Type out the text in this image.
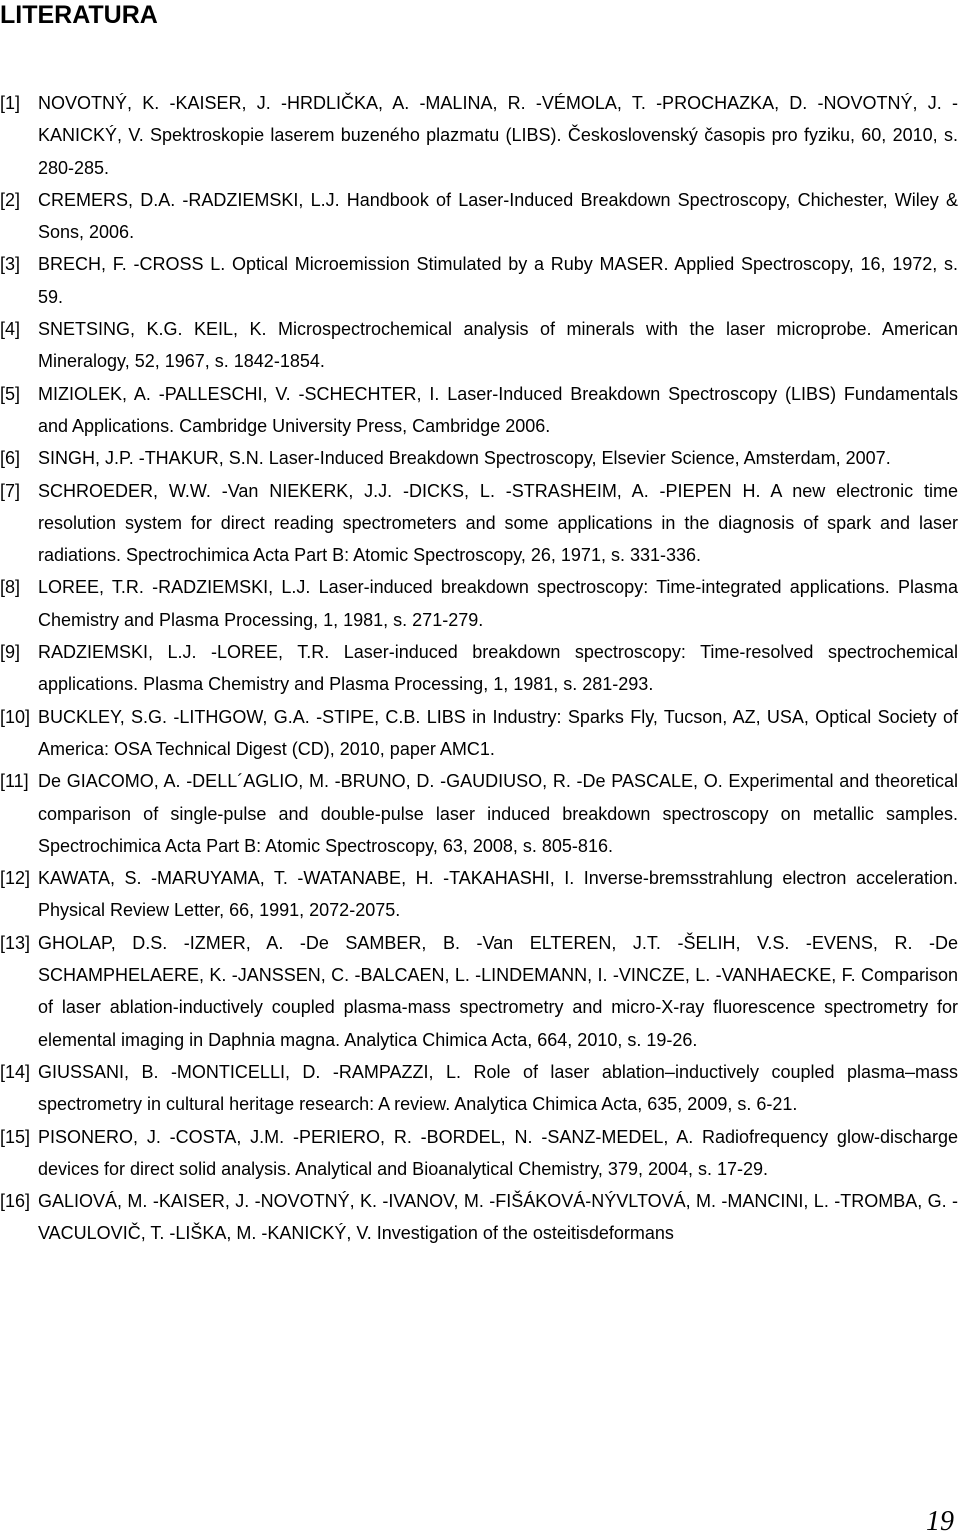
LITERATURA
[1] NOVOTNÝ, K. -KAISER, J. -HRDLIČKA, A. -MALINA, R. -VÉMOLA, T. -PROCHAZKA, D. -NOVOTNÝ, J. -KANICKÝ, V. Spektroskopie laserem buzeného plazmatu (LIBS). Československý časopis pro fyziku, 60, 2010, s. 280-285.
[2] CREMERS, D.A. -RADZIEMSKI, L.J. Handbook of Laser-Induced Breakdown Spectroscopy, Chichester, Wiley & Sons, 2006.
[3] BRECH, F. -CROSS L. Optical Microemission Stimulated by a Ruby MASER. Applied Spectroscopy, 16, 1972, s. 59.
[4] SNETSING, K.G. KEIL, K. Microspectrochemical analysis of minerals with the laser microprobe. American Mineralogy, 52, 1967, s. 1842-1854.
[5] MIZIOLEK, A. -PALLESCHI, V. -SCHECHTER, I. Laser-Induced Breakdown Spectroscopy (LIBS) Fundamentals and Applications. Cambridge University Press, Cambridge 2006.
[6] SINGH, J.P. -THAKUR, S.N. Laser-Induced Breakdown Spectroscopy, Elsevier Science, Amsterdam, 2007.
[7] SCHROEDER, W.W. -Van NIEKERK, J.J. -DICKS, L. -STRASHEIM, A. -PIEPEN H. A new electronic time resolution system for direct reading spectrometers and some applications in the diagnosis of spark and laser radiations. Spectrochimica Acta Part B: Atomic Spectroscopy, 26, 1971, s. 331-336.
[8] LOREE, T.R. -RADZIEMSKI, L.J. Laser-induced breakdown spectroscopy: Time-integrated applications. Plasma Chemistry and Plasma Processing, 1, 1981, s. 271-279.
[9] RADZIEMSKI, L.J. -LOREE, T.R. Laser-induced breakdown spectroscopy: Time-resolved spectrochemical applications. Plasma Chemistry and Plasma Processing, 1, 1981, s. 281-293.
[10] BUCKLEY, S.G. -LITHGOW, G.A. -STIPE, C.B. LIBS in Industry: Sparks Fly, Tucson, AZ, USA, Optical Society of America: OSA Technical Digest (CD), 2010, paper AMC1.
[11] De GIACOMO, A. -DELL´AGLIO, M. -BRUNO, D. -GAUDIUSO, R. -De PASCALE, O. Experimental and theoretical comparison of single-pulse and double-pulse laser induced breakdown spectroscopy on metallic samples. Spectrochimica Acta Part B: Atomic Spectroscopy, 63, 2008, s. 805-816.
[12] KAWATA, S. -MARUYAMA, T. -WATANABE, H. -TAKAHASHI, I. Inverse-bremsstrahlung electron acceleration. Physical Review Letter, 66, 1991, 2072-2075.
[13] GHOLAP, D.S. -IZMER, A. -De SAMBER, B. -Van ELTEREN, J.T. -ŠELIH, V.S. -EVENS, R. -De SCHAMPHELAERE, K. -JANSSEN, C. -BALCAEN, L. -LINDEMANN, I. -VINCZE, L. -VANHAECKE, F. Comparison of laser ablation-inductively coupled plasma-mass spectrometry and micro-X-ray fluorescence spectrometry for elemental imaging in Daphnia magna. Analytica Chimica Acta, 664, 2010, s. 19-26.
[14] GIUSSANI, B. -MONTICELLI, D. -RAMPAZZI, L. Role of laser ablation–inductively coupled plasma–mass spectrometry in cultural heritage research: A review. Analytica Chimica Acta, 635, 2009, s. 6-21.
[15] PISONERO, J. -COSTA, J.M. -PERIERO, R. -BORDEL, N. -SANZ-MEDEL, A. Radiofrequency glow-discharge devices for direct solid analysis. Analytical and Bioanalytical Chemistry, 379, 2004, s. 17-29.
[16] GALIOVÁ, M. -KAISER, J. -NOVOTNÝ, K. -IVANOV, M. -FIŠÁKOVÁ-NÝVLTOVÁ, M. -MANCINI, L. -TROMBA, G. -VACULOVIČ, T. -LIŠKA, M. -KANICKÝ, V. Investigation of the osteitisdeformans
19
